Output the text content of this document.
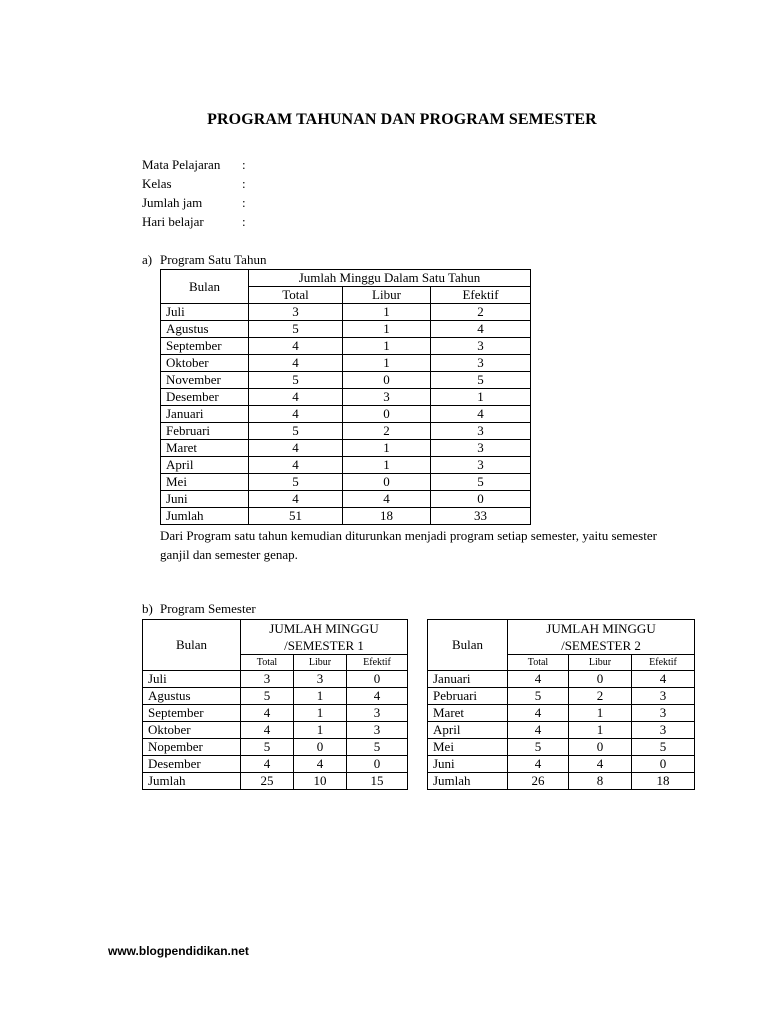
PROGRAM TAHUNAN DAN PROGRAM SEMESTER
Mata Pelajaran	:
Kelas	:
Jumlah jam	:
Hari belajar	:
a) Program Satu Tahun
Bulan	Jumlah Minggu Dalam Satu Tahun		
	Total	Libur	Efektif
Juli	3	1	2
Agustus	5	1	4
September	4	1	3
Oktober	4	1	3
November	5	0	5
Desember	4	3	1
Januari	4	0	4
Februari	5	2	3
Maret	4	1	3
April	4	1	3
Mei	5	0	5
Juni	4	4	0
Jumlah	51	18	33
Dari Program satu tahun kemudian diturunkan menjadi program setiap semester, yaitu semester
ganjil dan semester genap.
b) Program Semester
Bulan	JUMLAH MINGGU
/SEMESTER 1		

	Total	Libur	Efektif
Juli	3	3	0
Agustus	5	1	4
September	4	1	3
Oktober	4	1	3
Nopember	5	0	5
Desember	4	4	0
Jumlah	25	10	15
Bulan	JUMLAH MINGGU
/SEMESTER 2		

	Total	Libur	Efektif
Januari	4	0	4
Pebruari	5	2	3
Maret	4	1	3
April	4	1	3
Mei	5	0	5
Juni	4	4	0
Jumlah	26	8	18
www.blogpendidikan.net
